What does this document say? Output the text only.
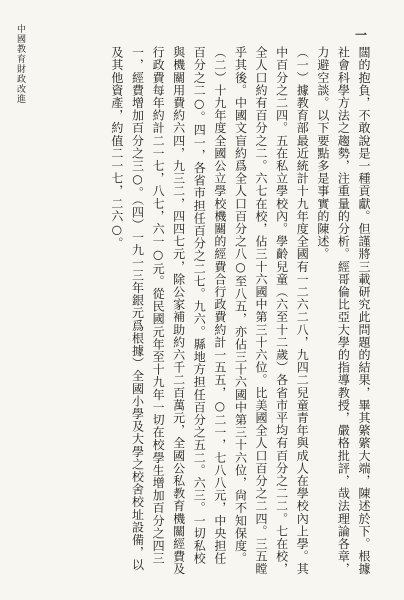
中國教育財政改進	一

闊的抱負，不敢說是一種貢獻。但謹將三載研究此問題的結果，畢其綮綮大端，陳述於下。根據社會科學方法之趨勢，注重量的分析。經哥倫比亞大學的指導教授，嚴格批評，哉法理論各章，力避空談。以下要點多是事實的陳述。

（一）據教育部最近統計十九年度全國有一二六二八，九四二兒童青年與成人在學校內上學。其中百分之二四。五在私立學校內。學齡兒童（六至十二歲）各省市平均有百分之二二。七在校，全人口約有百分之二。六七在校，佔三十六國中第三十六位。比美國全人口百分之二四。三五瞠乎其後。中國文盲約爲全人口百分之八○至八五，亦佔三十六國中第三十六位，尙不知保度。

（二）十九年度全國公立學校機關的經費合行政費約計一五五，○二一，七八八元，中央担任百分之二○。四一，各省市担任百分之二七。九六。縣地方担任百分之五二。六三。一切私校與機關用費約六四，九三二，四四七元，除公家補助約六千二百萬元，全國公私教育機關經費及行政費每年約計二一七，八七，六一○元。從民國元年至十九年一切在校學生增加百分之四三一，經費增加百分之三○。（四）一九一三年銀元爲根據）全國小學及大學之校舍校址設備，以及其他資產，約值二一七，二六○。
